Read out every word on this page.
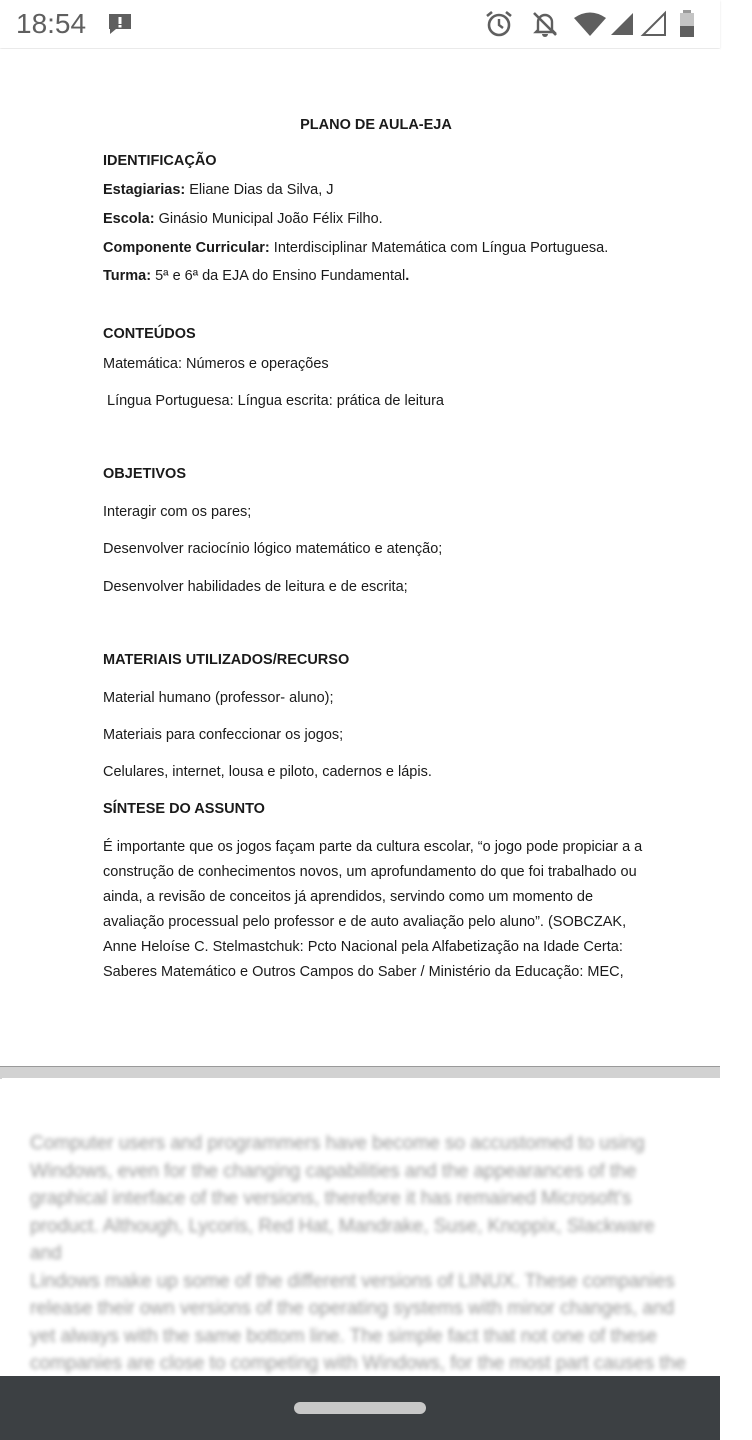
18:54
PLANO DE AULA-EJA
IDENTIFICAÇÃO
Estagiarias: Eliane Dias da Silva, J
Escola: Ginásio Municipal João Félix Filho.
Componente Curricular: Interdisciplinar Matemática com Língua Portuguesa.
Turma: 5ª e 6ª da EJA do Ensino Fundamental.
CONTEÚDOS
Matemática: Números e operações
Língua Portuguesa: Língua escrita: prática de leitura
OBJETIVOS
Interagir com os pares;
Desenvolver raciocínio lógico matemático e atenção;
Desenvolver habilidades de leitura e de escrita;
MATERIAIS UTILIZADOS/RECURSO
Material humano (professor- aluno);
Materiais para confeccionar os jogos;
Celulares, internet, lousa e piloto, cadernos e lápis.
SÍNTESE DO ASSUNTO
É importante que os jogos façam parte da cultura escolar, “o jogo pode propiciar a a
construção de conhecimentos novos, um aprofundamento do que foi trabalhado ou
ainda, a revisão de conceitos já aprendidos, servindo como um momento de
avaliação processual pelo professor e de auto avaliação pelo aluno”. (SOBCZAK,
Anne Heloíse C. Stelmastchuk: Pcto Nacional pela Alfabetização na Idade Certa:
Saberes Matemático e Outros Campos do Saber / Ministério da Educação: MEC,
Computer users and programmers have become so accustomed to using
Windows, even for the changing capabilities and the appearances of the
graphical interface of the versions, therefore it has remained Microsoft's
product. Although, Lycoris, Red Hat, Mandrake, Suse, Knoppix, Slackware and
Lindows make up some of the different versions of LINUX. These companies
release their own versions of the operating systems with minor changes, and
yet always with the same bottom line. The simple fact that not one of these
companies are close to competing with Windows, for the most part causes the
